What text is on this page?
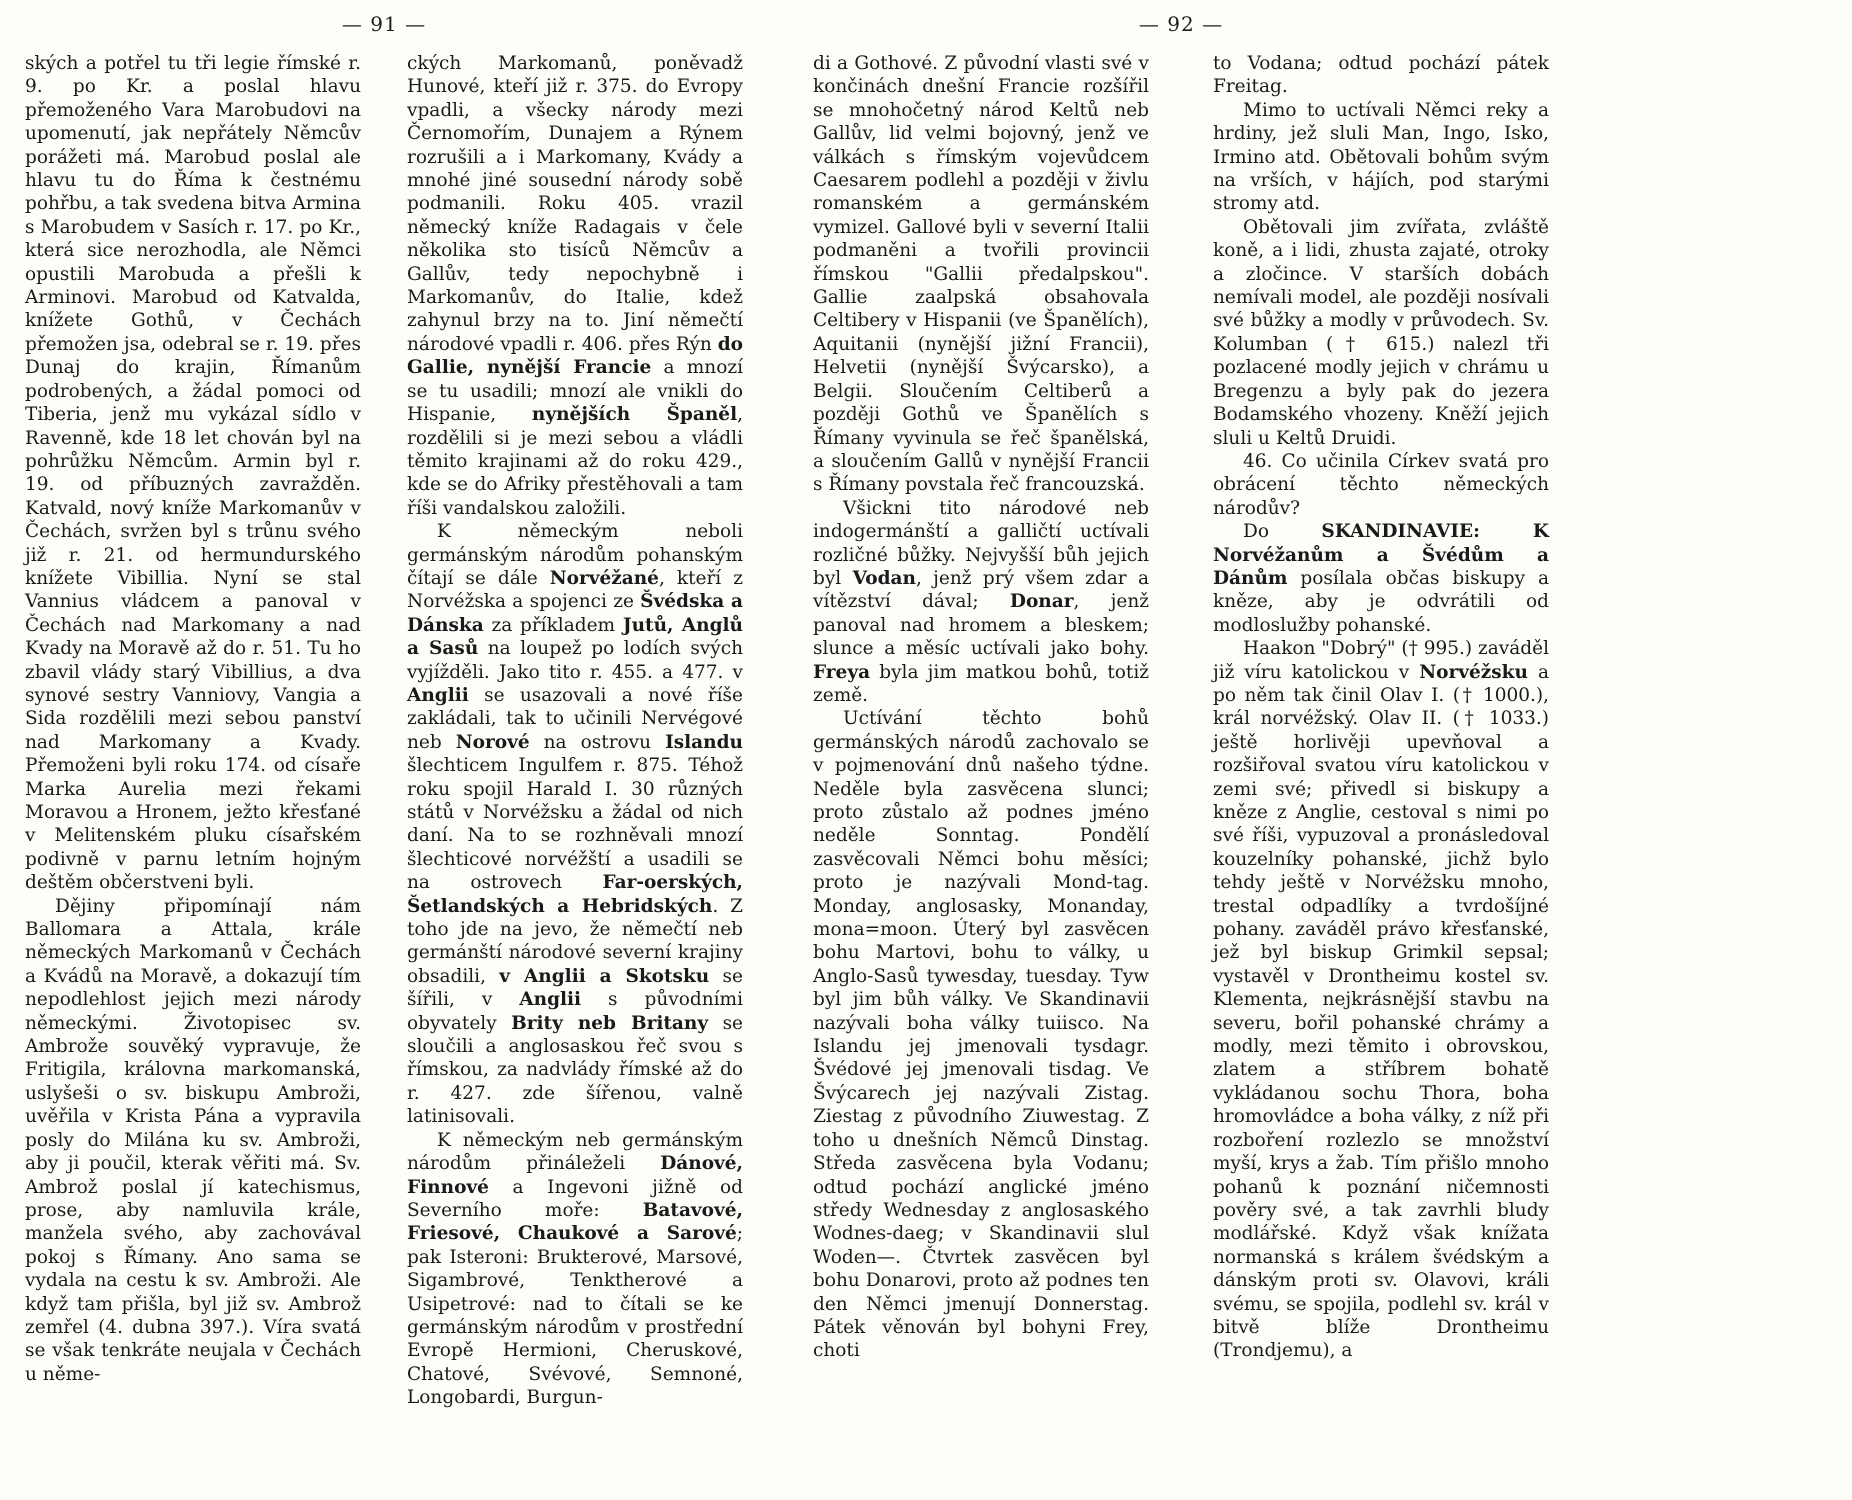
— 91 —

ských a potřel tu tři legie římské r. 9. po Kr. a poslal hlavu přemoženého Vara Marobudovi na upomenutí, jak nepřátely Němcův porážeti má. Marobud poslal ale hlavu tu do Říma k čestnému pohřbu, a tak svedena bitva Armina s Marobudem v Sasích r. 17. po Kr., která sice nerozhodla, ale Němci opustili Marobuda a přešli k Arminovi. Marobud od Katvalda, knížete Gothů, v Čechách přemožen jsa, odebral se r. 19. přes Dunaj do krajin, Římanům podrobených, a žádal pomoci od Tiberia, jenž mu vykázal sídlo v Ravenně, kde 18 let chován byl na pohrůžku Němcům. Armin byl r. 19. od příbuzných zavražděn. Katvald, nový kníže Markomanův v Čechách, svržen byl s trůnu svého již r. 21. od hermundurského knížete Vibillia. Nyní se stal Vannius vládcem a panoval v Čechách nad Markomany a nad Kvady na Moravě až do r. 51. Tu ho zbavil vlády starý Vibillius, a dva synové sestry Vanniovy, Vangia a Sida rozdělili mezi sebou panství nad Markomany a Kvady. Přemoženi byli roku 174. od císaře Marka Aurelia mezi řekami Moravou a Hronem, ježto křesťané v Melitenském pluku císařském podivně v parnu letním hojným deštěm občerstveni byli.

Dějiny připomínají nám Ballomara a Attala, krále německých Markomanů v Čechách a Kvádů na Moravě, a dokazují tím nepodlehlost jejich mezi národy německými. Životopisec sv. Ambrože souvěký vypravuje, že Fritigila, královna markomanská, uslyšeši o sv. biskupu Ambroži, uvěřila v Krista Pána a vypravila posly do Milána ku sv. Ambroži, aby ji poučil, kterak věřiti má. Sv. Ambrož poslal jí katechismus, prose, aby namluvila krále, manžela svého, aby zachovával pokoj s Římany. Ano sama se vydala na cestu k sv. Ambroži. Ale když tam přišla, byl již sv. Ambrož zemřel (4. dubna 397.). Víra svatá se však tenkráte neujala v Čechách u něme-

ckých Markomanů, poněvadž Hunové, kteří již r. 375. do Evropy vpadli, a všecky národy mezi Černomořím, Dunajem a Rýnem rozrušili a i Markomany, Kvády a mnohé jiné sousední národy sobě podmanili. Roku 405. vrazil německý kníže Radagais v čele několika sto tisíců Němcův a Gallův, tedy nepochybně i Markomanův, do Italie, kdež zahynul brzy na to. Jiní němečtí národové vpadli r. 406. přes Rýn do Gallie, nynější Francie a mnozí se tu usadili; mnozí ale vnikli do Hispanie, nynějších Španěl, rozdělili si je mezi sebou a vládli těmito krajinami až do roku 429., kde se do Afriky přestěhovali a tam říši vandalskou založili.

K německým neboli germánským národům pohanským čítají se dále Norvéžané, kteří z Norvéžska a spojenci ze Švédska a Dánska za příkladem Jutů, Anglů a Sasů na loupež po lodích svých vyjížděli. Jako tito r. 455. a 477. v Anglii se usazovali a nové říše zakládali, tak to učinili Nervégové neb Norové na ostrovu Islandu šlechticem Ingulfem r. 875. Téhož roku spojil Harald I. 30 různých států v Norvéžsku a žádal od nich daní. Na to se rozhněvali mnozí šlechticové norvéžští a usadili se na ostrovech Far-oerských, Šetlandských a Hebridských. Z toho jde na jevo, že němečtí neb germánští národové severní krajiny obsadili, v Anglii a Skotsku se šířili, v Anglii s původními obyvately Brity neb Britany se sloučili a anglosaskou řeč svou s římskou, za nadvlády římské až do r. 427. zde šířenou, valně latinisovali.

K německým neb germánským národům přináleželi Dánové, Finnové a Ingevoni jižně od Severního moře: Batavové, Friesové, Chaukové a Sarové; pak Isteroni: Brukterové, Marsové, Sigambrové, Tenktherové a Usipetrové: nad to čítali se ke germánským národům v prostřední Evropě Hermioni, Cheruskové, Chatové, Svévové, Semnoné, Longobardi, Burgun-

— 92 —

di a Gothové. Z původní vlasti své v končinách dnešní Francie rozšířil se mnohočetný národ Keltů neb Gallův, lid velmi bojovný, jenž ve válkách s římským vojevůdcem Caesarem podlehl a později v živlu romanském a germánském vymizel. Gallové byli v severní Italii podmaněni a tvořili provincii římskou "Gallii předalpskou". Gallie zaalpská obsahovala Celtibery v Hispanii (ve Španělích), Aquitanii (nynější jižní Francii), Helvetii (nynější Švýcarsko), a Belgii. Sloučením Celtiberů a později Gothů ve Španělích s Římany vyvinula se řeč španělská, a sloučením Gallů v nynější Francii s Římany povstala řeč francouzská.

Všickni tito národové neb indogermánští a galličtí uctívali rozličné bůžky. Nejvyšší bůh jejich byl Vodan, jenž prý všem zdar a vítězství dával; Donar, jenž panoval nad hromem a bleskem; slunce a měsíc uctívali jako bohy. Freya byla jim matkou bohů, totiž země.

Uctívání těchto bohů germánských národů zachovalo se v pojmenování dnů našeho týdne. Neděle byla zasvěcena slunci; proto zůstalo až podnes jméno neděle Sonntag. Pondělí zasvěcovali Němci bohu měsíci; proto je nazývali Mond-tag. Monday, anglosasky, Monanday, mona=moon. Úterý byl zasvěcen bohu Martovi, bohu to války, u Anglo-Sasů tywesday, tuesday. Tyw byl jim bůh války. Ve Skandinavii nazývali boha války tuiisco. Na Islandu jej jmenovali tysdagr. Švédové jej jmenovali tisdag. Ve Švýcarech jej nazývali Zistag. Ziestag z původního Ziuwestag. Z toho u dnešních Němců Dinstag. Středa zasvěcena byla Vodanu; odtud pochází anglické jméno středy Wednesday z anglosaského Wodnes-daeg; v Skandinavii slul Woden—. Čtvrtek zasvěcen byl bohu Donarovi, proto až podnes ten den Němci jmenují Donnerstag. Pátek věnován byl bohyni Frey, choti

to Vodana; odtud pochází pátek Freitag.

Mimo to uctívali Němci reky a hrdiny, jež sluli Man, Ingo, Isko, Irmino atd. Obětovali bohům svým na vrších, v hájích, pod starými stromy atd.

Obětovali jim zvířata, zvláště koně, a i lidi, zhusta zajaté, otroky a zločince. V starších dobách nemívali model, ale později nosívali své bůžky a modly v průvodech. Sv. Kolumban († 615.) nalezl tři pozlacené modly jejich v chrámu u Bregenzu a byly pak do jezera Bodamského vhozeny. Kněží jejich sluli u Keltů Druidi.

46. Co učinila Církev svatá pro obrácení těchto německých národův?

Do SKANDINAVIE: K Norvéžanům a Švédům a Dánům posílala občas biskupy a kněze, aby je odvrátili od modloslužby pohanské.

Haakon "Dobrý" († 995.) zaváděl již víru katolickou v Norvéžsku a po něm tak činil Olav I. († 1000.), král norvéžský. Olav II. († 1033.) ještě horlivěji upevňoval a rozšiřoval svatou víru katolickou v zemi své; přivedl si biskupy a kněze z Anglie, cestoval s nimi po své říši, vypuzoval a pronásledoval kouzelníky pohanské, jichž bylo tehdy ještě v Norvéžsku mnoho, trestal odpadlíky a tvrdošíjné pohany. zaváděl právo křesťanské, jež byl biskup Grimkil sepsal; vystavěl v Drontheimu kostel sv. Klementa, nejkrásnější stavbu na severu, bořil pohanské chrámy a modly, mezi těmito i obrovskou, zlatem a stříbrem bohatě vykládanou sochu Thora, boha hromovládce a boha války, z níž při rozboření rozlezlo se množství myší, krys a žab. Tím přišlo mnoho pohanů k poznání ničemnosti pověry své, a tak zavrhli bludy modlářské. Když však knížata normanská s králem švédským a dánským proti sv. Olavovi, králi svému, se spojila, podlehl sv. král v bitvě blíže Drontheimu (Trondjemu), a
